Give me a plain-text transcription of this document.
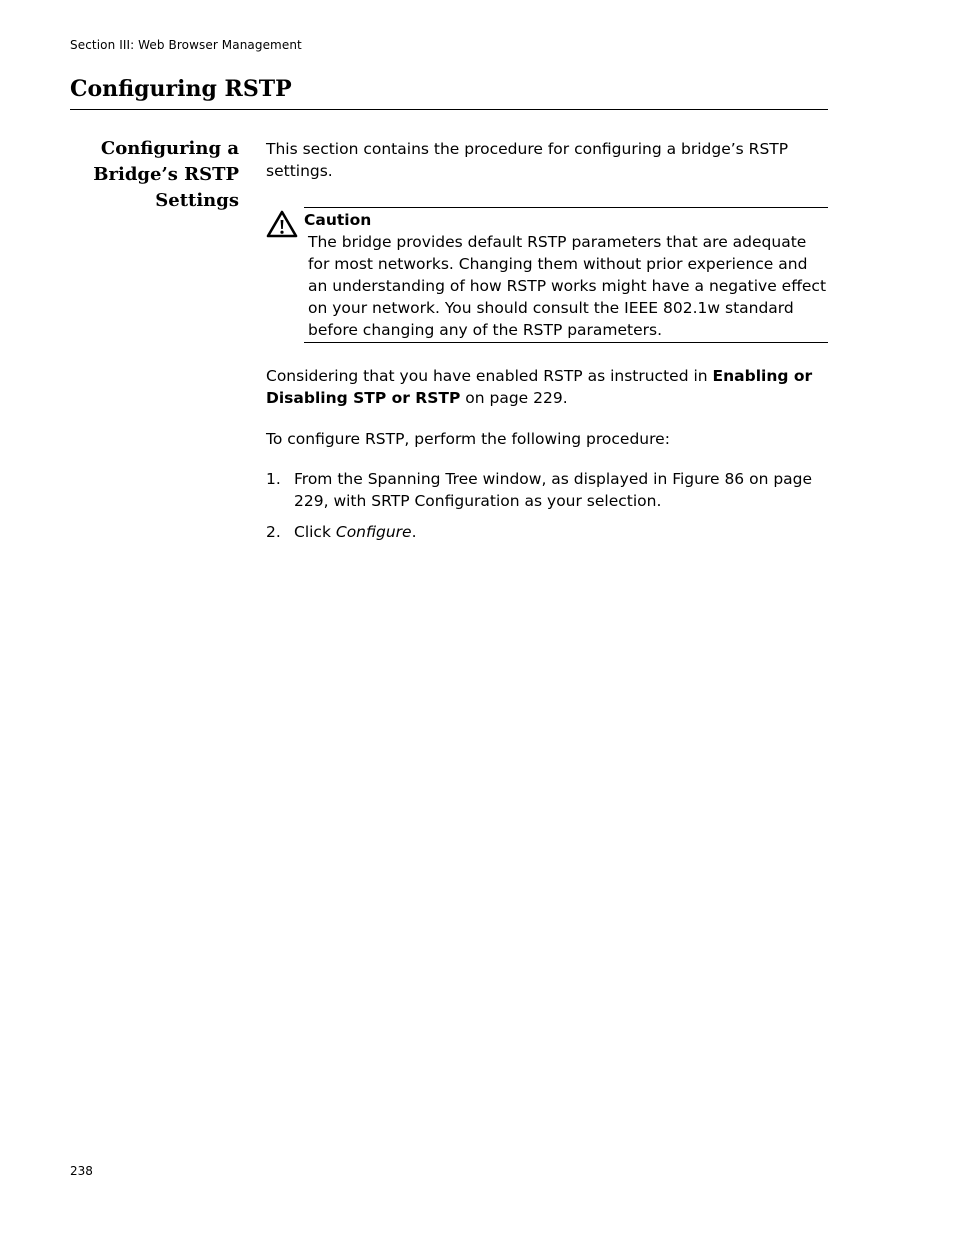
Section III: Web Browser Management
Configuring RSTP
Configuring a
Bridge’s RSTP
Settings

This section contains the procedure for configuring a bridge’s RSTP settings.

Caution
The bridge provides default RSTP parameters that are adequate for most networks. Changing them without prior experience and an understanding of how RSTP works might have a negative effect on your network. You should consult the IEEE 802.1w standard before changing any of the RSTP parameters.

Considering that you have enabled RSTP as instructed in Enabling or Disabling STP or RSTP on page 229.

To configure RSTP, perform the following procedure:

1. From the Spanning Tree window, as displayed in Figure 86 on page 229, with SRTP Configuration as your selection.
2. Click Configure.
238
